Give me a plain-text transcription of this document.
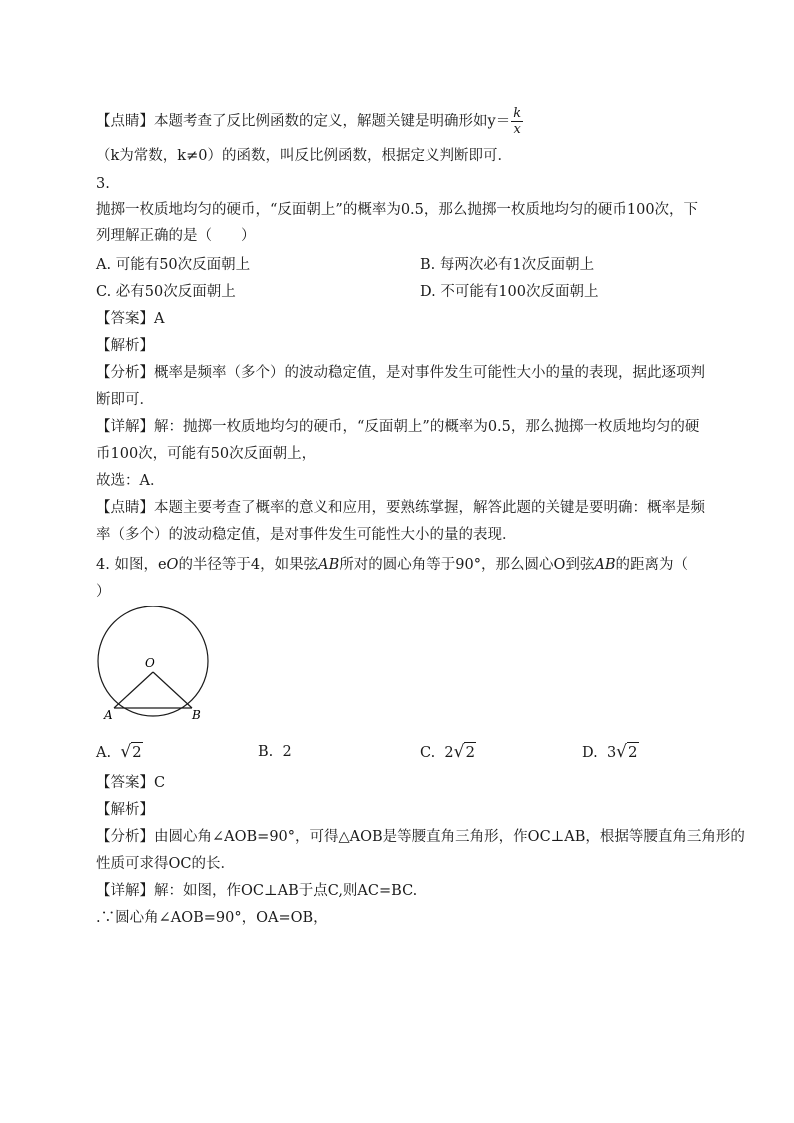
【点睛】本题考查了反比例函数的定义，解题关键是明确形如$y= \frac{k}{x}$
（k为常数，k≠0）的函数，叫反比例函数，根据定义判断即可．
3.
抛掷一枚质地均匀的硬币，“反面朝上”的概率为0.5，那么抛掷一枚质地均匀的硬币100次，下
列理解正确的是（　　）
A. 可能有50次反面朝上	B. 每两次必有1次反面朝上
C. 必有50次反面朝上	D. 不可能有100次反面朝上
【答案】A
【解析】
【分析】概率是频率（多个）的波动稳定值，是对事件发生可能性大小的量的表现，据此逐项判
断即可．
【详解】解：抛掷一枚质地均匀的硬币，“反面朝上”的概率为0.5，那么抛掷一枚质地均匀的硬
币100次，可能有50次反面朝上，
故选：A．
【点睛】本题主要考查了概率的意义和应用，要熟练掌握，解答此题的关键是要明确：概率是频
率（多个）的波动稳定值，是对事件发生可能性大小的量的表现．
4. 如图，eO的半径等于4，如果弦AB所对的圆心角等于90°，那么圆心O到弦AB的距离为（
）
O
A	B
A. √2	B. 2	C. 2√2	D. 3√2
【答案】C
【解析】
【分析】由圆心角∠AOB=90°，可得△AOB是等腰直角三角形，作OC⊥AB，根据等腰直角三角形的
性质可求得OC的长．
【详解】解：如图，作OC⊥AB于点C,则AC=BC.
.∵圆心角∠AOB=90°，OA=OB，
